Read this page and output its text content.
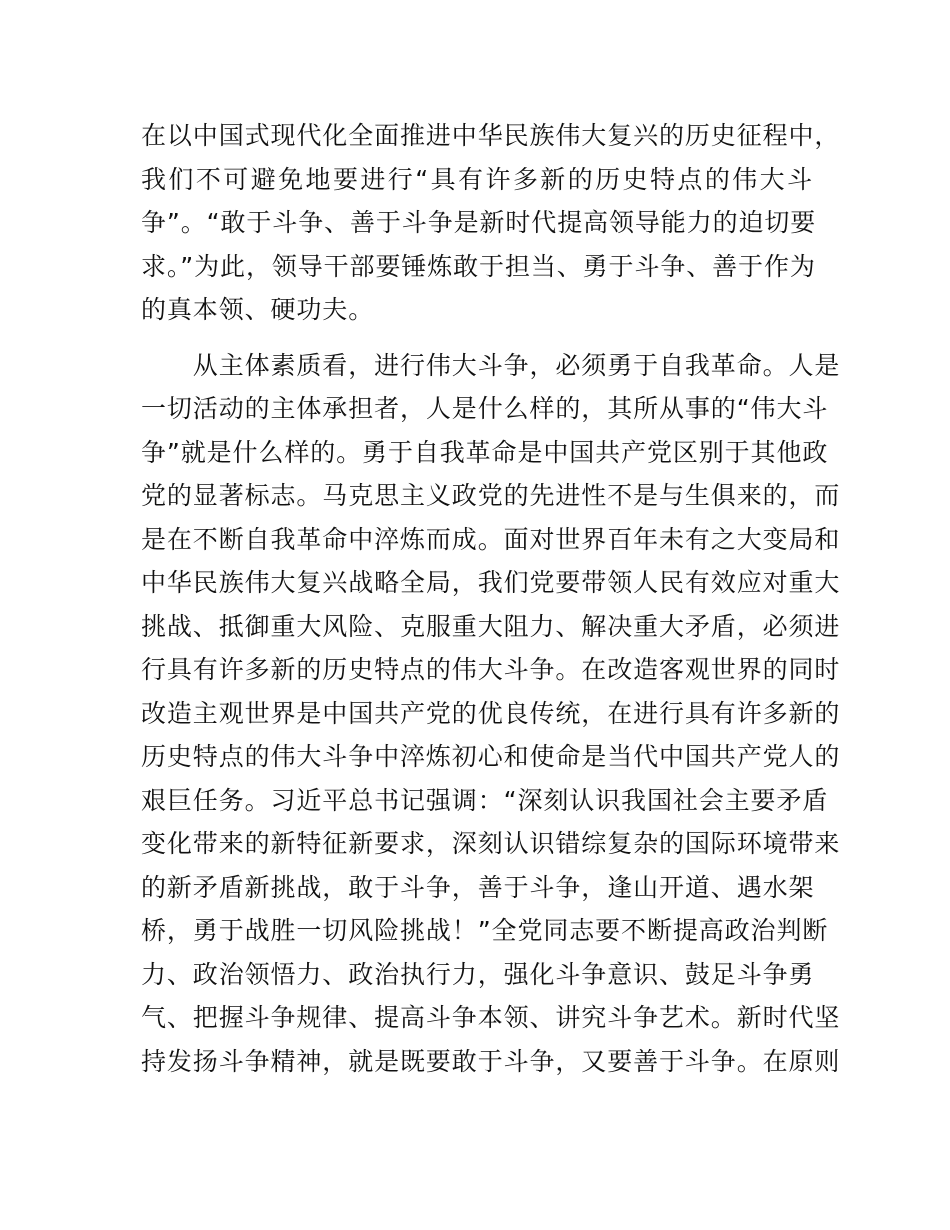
在以中国式现代化全面推进中华民族伟大复兴的历史征程中，
我们不可避免地要进行“具有许多新的历史特点的伟大斗
争”。“敢于斗争、善于斗争是新时代提高领导能力的迫切要
求。”为此，领导干部要锤炼敢于担当、勇于斗争、善于作为
的真本领、硬功夫。
　　从主体素质看，进行伟大斗争，必须勇于自我革命。人是
一切活动的主体承担者，人是什么样的，其所从事的“伟大斗
争”就是什么样的。勇于自我革命是中国共产党区别于其他政
党的显著标志。马克思主义政党的先进性不是与生俱来的，而
是在不断自我革命中淬炼而成。面对世界百年未有之大变局和
中华民族伟大复兴战略全局，我们党要带领人民有效应对重大
挑战、抵御重大风险、克服重大阻力、解决重大矛盾，必须进
行具有许多新的历史特点的伟大斗争。在改造客观世界的同时
改造主观世界是中国共产党的优良传统，在进行具有许多新的
历史特点的伟大斗争中淬炼初心和使命是当代中国共产党人的
艰巨任务。习近平总书记强调：“深刻认识我国社会主要矛盾
变化带来的新特征新要求，深刻认识错综复杂的国际环境带来
的新矛盾新挑战，敢于斗争，善于斗争，逢山开道、遇水架
桥，勇于战胜一切风险挑战！”全党同志要不断提高政治判断
力、政治领悟力、政治执行力，强化斗争意识、鼓足斗争勇
气、把握斗争规律、提高斗争本领、讲究斗争艺术。新时代坚
持发扬斗争精神，就是既要敢于斗争，又要善于斗争。在原则
